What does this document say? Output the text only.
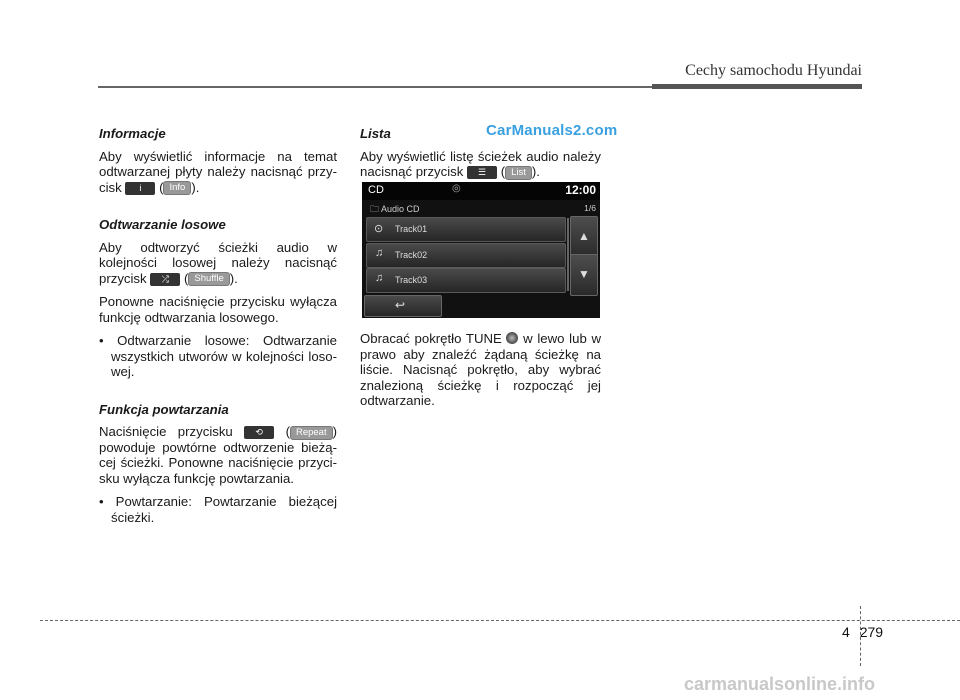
Cechy samochodu Hyundai
CarManuals2.com
Informacje

Aby wyświetlić informacje na temat odtwarzanej płyty należy nacisnąć przy-cisk i ( Info ).

Odtwarzanie losowe

Aby odtworzyć ścieżki audio w kolejności losowej należy nacisnąć przycisk ⤮ ( Shuffle ).

Ponowne naciśnięcie przycisku wyłącza funkcję odtwarzania losowego.

• Odtwarzanie losowe: Odtwarzanie wszystkich utworów w kolejności loso-wej.

Funkcja powtarzania

Naciśnięcie przycisku	⟲ ( Repeat ) powoduje powtórne odtworzenie bieżą-cej ścieżki. Ponowne naciśnięcie przyci-sku wyłącza funkcję powtarzania.

• Powtarzanie: Powtarzanie bieżącej ścieżki.

Lista

Aby wyświetlić listę ścieżek audio należy nacisnąć przycisk ☰ ( List ).

CD	◎	12:00
🗀 Audio CD	1/6
⊙ Track01
♫ Track02
♫ Track03
▲
▼
↩

Obracać pokrętło TUNE w lewo lub w prawo aby znaleźć żądaną ścieżkę na liście. Nacisnąć pokrętło, aby wybrać znalezioną ścieżkę i rozpocząć jej odtwarzanie.

4 279
carmanualsonline.info
